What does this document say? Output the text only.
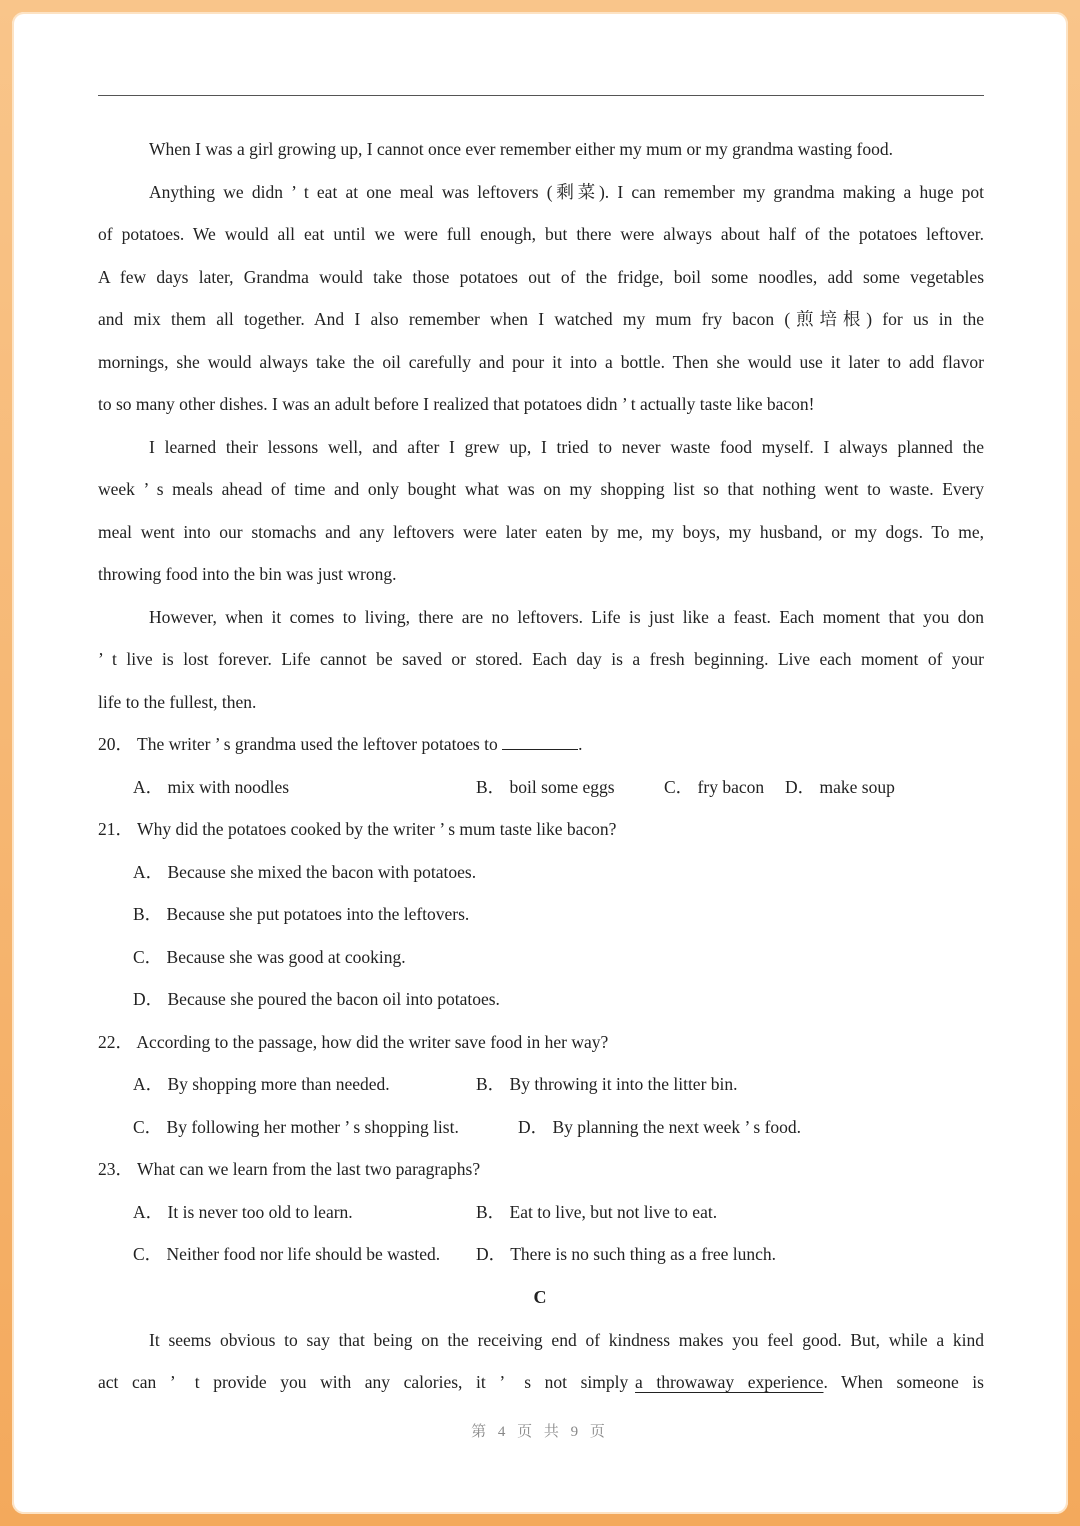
When I was a girl growing up, I cannot once ever remember either my mum or my grandma wasting food.
Anything we didn ’ t eat at one meal was leftovers (剩菜). I can remember my grandma making a huge pot
of potatoes. We would all eat until we were full enough, but there were always about half of the potatoes leftover.
A few days later, Grandma would take those potatoes out of the fridge, boil some noodles, add some vegetables
and mix them all together. And I also remember when I watched my mum fry bacon (煎培根) for us in the
mornings, she would always take the oil carefully and pour it into a bottle. Then she would use it later to add flavor
to so many other dishes. I was an adult before I realized that potatoes didn ’ t actually taste like bacon!
I learned their lessons well, and after I grew up, I tried to never waste food myself. I always planned the
week ’ s meals ahead of time and only bought what was on my shopping list so that nothing went to waste. Every
meal went into our stomachs and any leftovers were later eaten by me, my boys, my husband, or my dogs. To me,
throwing food into the bin was just wrong.
However, when it comes to living, there are no leftovers. Life is just like a feast. Each moment that you don
’ t live is lost forever. Life cannot be saved or stored. Each day is a fresh beginning. Live each moment of your
life to the fullest, then.
20． The writer ’ s grandma used the leftover potatoes to	.
A． mix with noodles	B． boil some eggs	C． fry bacon D． make soup
21． Why did the potatoes cooked by the writer ’ s mum taste like bacon?
A． Because she mixed the bacon with potatoes.
B． Because she put potatoes into the leftovers.
C． Because she was good at cooking.
D． Because she poured the bacon oil into potatoes.
22． According to the passage, how did the writer save food in her way?
A． By shopping more than needed.	B． By throwing it into the litter bin.
C． By following her mother ’ s shopping list.	D． By planning the next week ’ s food.
23． What can we learn from the last two paragraphs?
A． It is never too old to learn.	B． Eat to live, but not live to eat.
C． Neither food nor life should be wasted. D． There is no such thing as a free lunch.
C
It seems obvious to say that being on the receiving end of kindness makes you feel good. But, while a kind
act  can  ’   t  provide  you  with  any  calories,  it  ’   s  not  simply a  throwaway  experience.  When  someone  is
第 4 页 共 9 页
